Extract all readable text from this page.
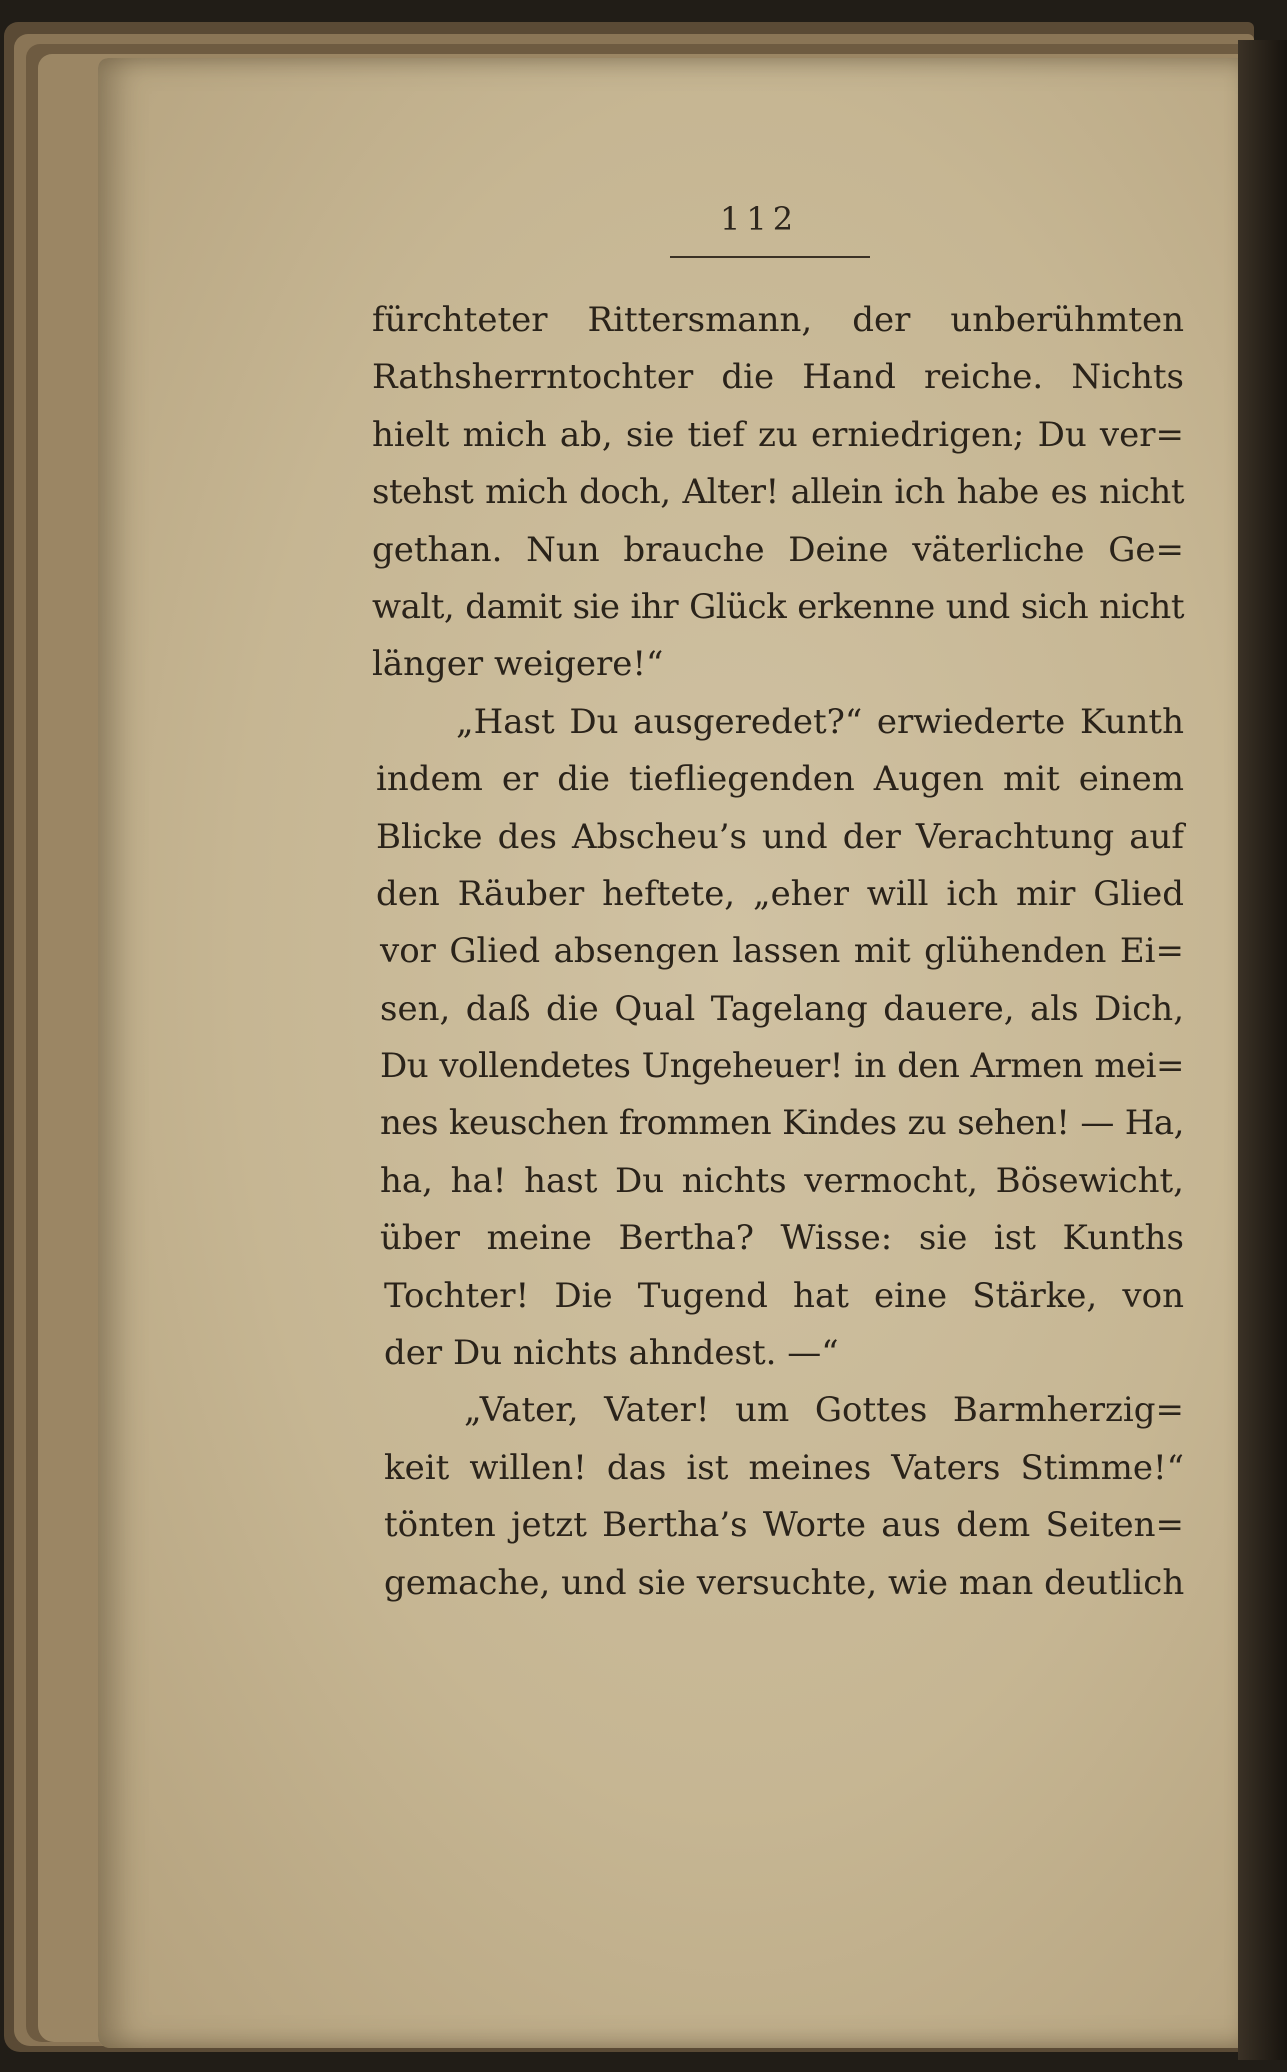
112
fürchteter Rittersmann, der unberühmten
Rathsherrntochter die Hand reiche. Nichts
hielt mich ab, sie tief zu erniedrigen; Du ver=
stehst mich doch, Alter! allein ich habe es nicht
gethan. Nun brauche Deine väterliche Ge=
walt, damit sie ihr Glück erkenne und sich nicht
länger weigere!“
„Hast Du ausgeredet?“ erwiederte Kunth
indem er die tiefliegenden Augen mit einem
Blicke des Abscheu’s und der Verachtung auf
den Räuber heftete, „eher will ich mir Glied
vor Glied absengen lassen mit glühenden Ei=
sen, daß die Qual Tagelang dauere, als Dich,
Du vollendetes Ungeheuer! in den Armen mei=
nes keuschen frommen Kindes zu sehen! — Ha,
ha, ha! hast Du nichts vermocht, Bösewicht,
über meine Bertha? Wisse: sie ist Kunths
Tochter! Die Tugend hat eine Stärke, von
der Du nichts ahndest. —“
„Vater, Vater! um Gottes Barmherzig=
keit willen! das ist meines Vaters Stimme!“
tönten jetzt Bertha’s Worte aus dem Seiten=
gemache, und sie versuchte, wie man deutlich
